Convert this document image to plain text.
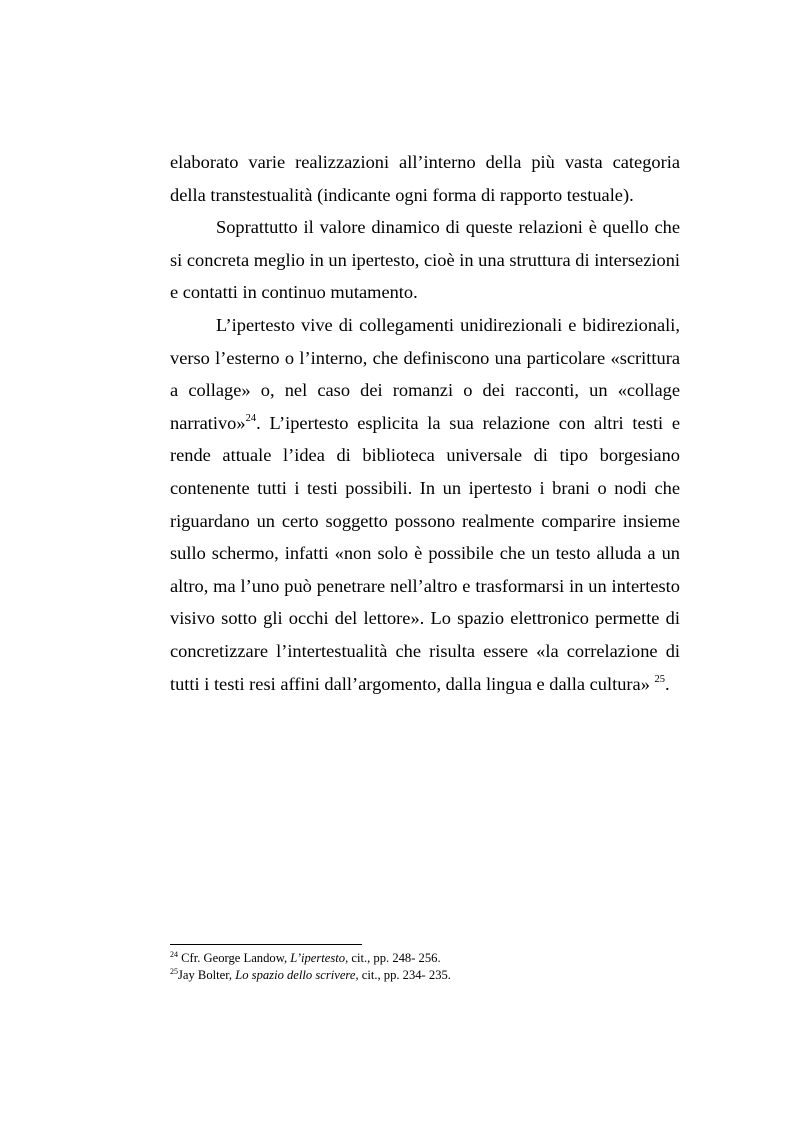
elaborato varie realizzazioni all’interno della più vasta categoria della transtestualità (indicante ogni forma di rapporto testuale).

Soprattutto il valore dinamico di queste relazioni è quello che si concreta meglio in un ipertesto, cioè in una struttura di intersezioni e contatti in continuo mutamento.

L’ipertesto vive di collegamenti unidirezionali e bidirezionali, verso l’esterno o l’interno, che definiscono una particolare «scrittura a collage» o, nel caso dei romanzi o dei racconti, un «collage narrativo»$^{24}$. L’ipertesto esplicita la sua relazione con altri testi e rende attuale l’idea di biblioteca universale di tipo borgesiano contenente tutti i testi possibili. In un ipertesto i brani o nodi che riguardano un certo soggetto possono realmente comparire insieme sullo schermo, infatti «non solo è possibile che un testo alluda a un altro, ma l’uno può penetrare nell’altro e trasformarsi in un intertesto visivo sotto gli occhi del lettore». Lo spazio elettronico permette di concretizzare l’intertestualità che risulta essere «la correlazione di tutti i testi resi affini dall’argomento, dalla lingua e dalla cultura» $^{25}$.

$^{24}$ Cfr. George Landow, L’ipertesto, cit., pp. 248- 256.

$^{25}$Jay Bolter, Lo spazio dello scrivere, cit., pp. 234- 235.
